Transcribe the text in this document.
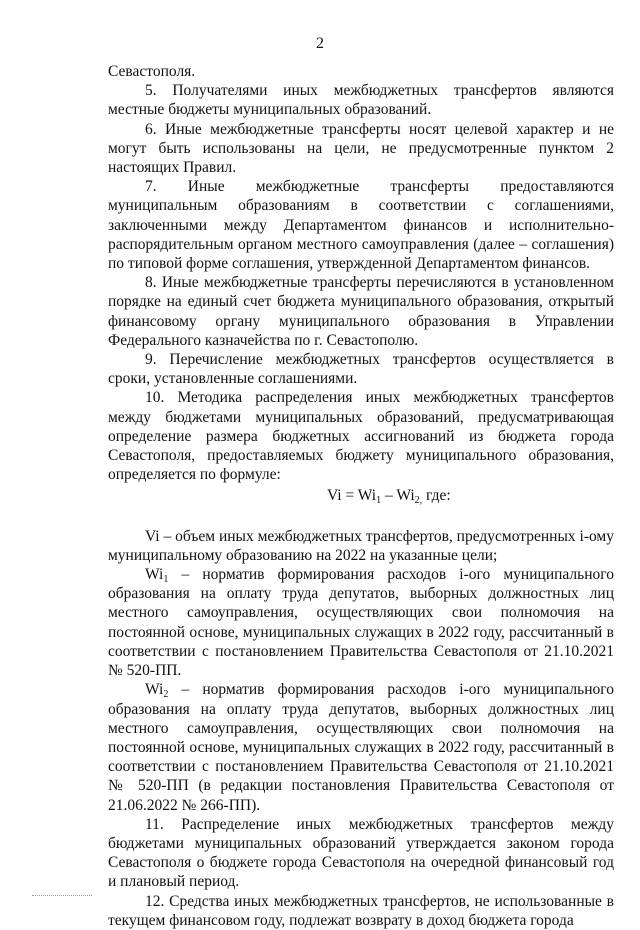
2

Севастополя.

5. Получателями иных межбюджетных трансфертов являются местные бюджеты муниципальных образований.

6. Иные межбюджетные трансферты носят целевой характер и не могут быть использованы на цели, не предусмотренные пунктом 2 настоящих Правил.

7. Иные межбюджетные трансферты предоставляются муниципальным образованиям в соответствии с соглашениями, заключенными между Департаментом финансов и исполнительно-распорядительным органом местного самоуправления (далее – соглашения) по типовой форме соглашения, утвержденной Департаментом финансов.

8. Иные межбюджетные трансферты перечисляются в установленном порядке на единый счет бюджета муниципального образования, открытый финансовому органу муниципального образования в Управлении Федерального казначейства по г. Севастополю.

9. Перечисление межбюджетных трансфертов осуществляется в сроки, установленные соглашениями.

10. Методика распределения иных межбюджетных трансфертов между бюджетами муниципальных образований, предусматривающая определение размера бюджетных ассигнований из бюджета города Севастополя, предоставляемых бюджету муниципального образования, определяется по формуле:

$Vi = Wi_1 - Wi_{2,}$ где:

Vi – объем иных межбюджетных трансфертов, предусмотренных i-ому муниципальному образованию на 2022 на указанные цели;

$Wi_1$ – норматив формирования расходов i-ого муниципального образования на оплату труда депутатов, выборных должностных лиц местного самоуправления, осуществляющих свои полномочия на постоянной основе, муниципальных служащих в 2022 году, рассчитанный в соответствии с постановлением Правительства Севастополя от 21.10.2021 № 520-ПП.

$Wi_2$ – норматив формирования расходов i-ого муниципального образования на оплату труда депутатов, выборных должностных лиц местного самоуправления, осуществляющих свои полномочия на постоянной основе, муниципальных служащих в 2022 году, рассчитанный в соответствии с постановлением Правительства Севастополя от 21.10.2021 № 520-ПП (в редакции постановления Правительства Севастополя от 21.06.2022 № 266-ПП).

11. Распределение иных межбюджетных трансфертов между бюджетами муниципальных образований утверждается законом города Севастополя о бюджете города Севастополя на очередной финансовый год и плановый период.

12. Средства иных межбюджетных трансфертов, не использованные в текущем финансовом году, подлежат возврату в доход бюджета города
